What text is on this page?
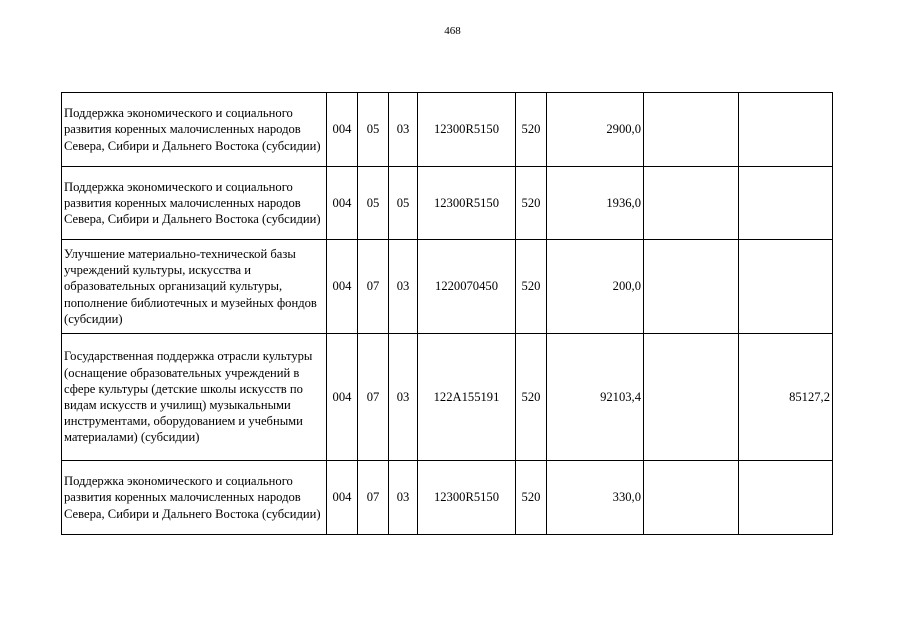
468
Поддержка экономического и социального развития коренных малочисленных народов Севера, Сибири и Дальнего Востока (субсидии)	004	05	03	12300R5150	520	2900,0		
Поддержка экономического и социального развития коренных малочисленных народов Севера, Сибири и Дальнего Востока (субсидии)	004	05	05	12300R5150	520	1936,0		
Улучшение материально-технической базы учреждений культуры, искусства и образовательных организаций культуры, пополнение библиотечных и музейных фондов (субсидии)	004	07	03	1220070450	520	200,0		
Государственная поддержка отрасли культуры (оснащение образовательных учреждений в сфере культуры (детские школы искусств по видам искусств и училищ) музыкальными инструментами, оборудованием и учебными материалами) (субсидии)	004	07	03	122A155191	520	92103,4		85127,2
Поддержка экономического и социального развития коренных малочисленных народов Севера, Сибири и Дальнего Востока (субсидии)	004	07	03	12300R5150	520	330,0		
